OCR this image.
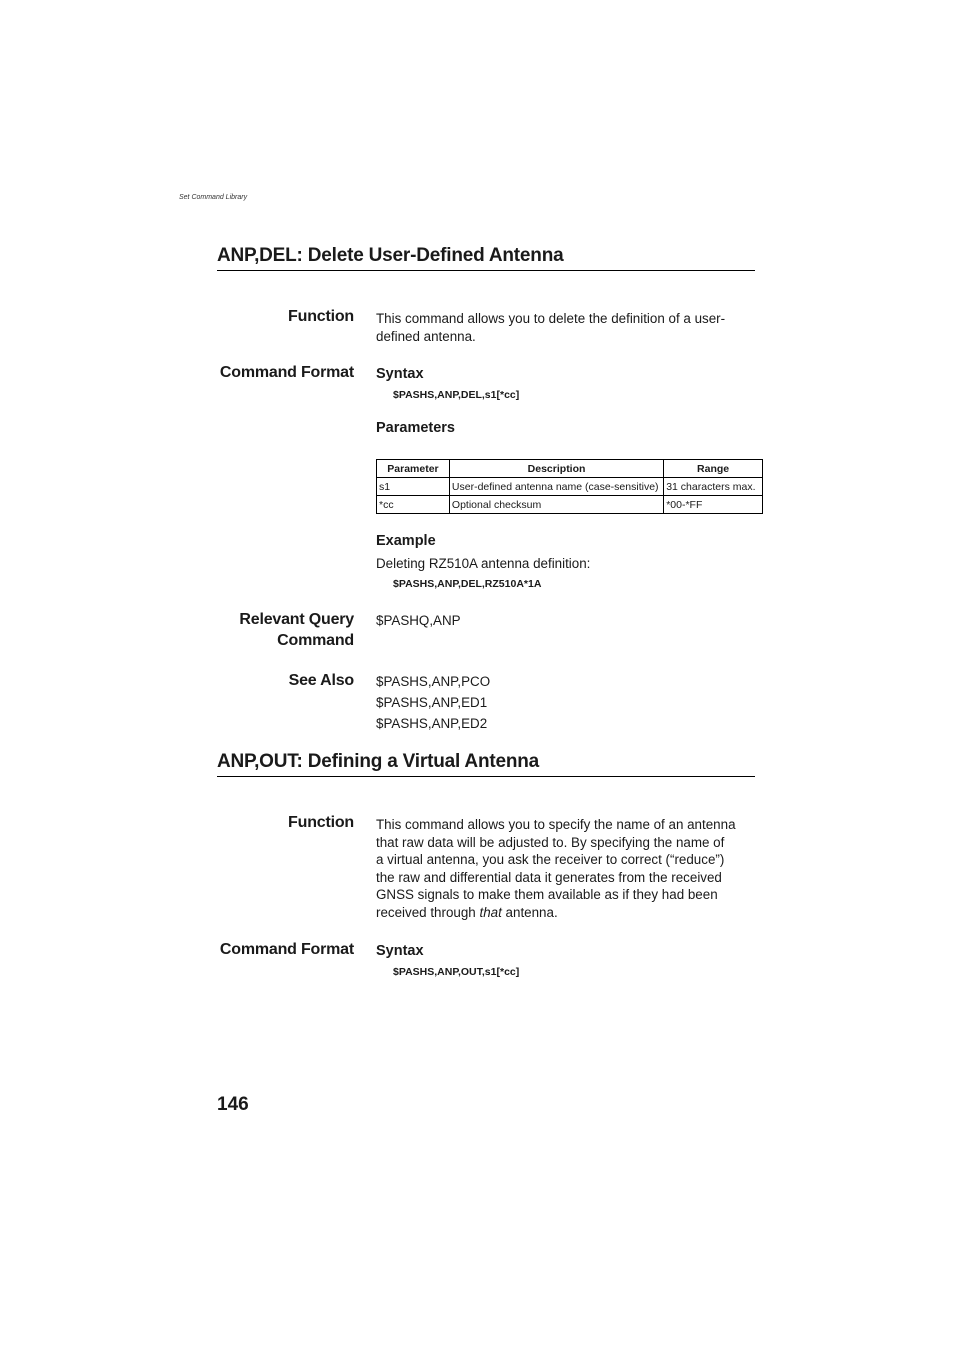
Set Command Library
ANP,DEL: Delete User-Defined Antenna
Function This command allows you to delete the definition of a user-defined antenna.
Command Format Syntax
$PASHS,ANP,DEL,s1[*cc]
Parameters
Parameter	Description	Range
s1	User-defined antenna name (case-sensitive)	31 characters max.
*cc	Optional checksum	*00-*FF
Example
Deleting RZ510A antenna definition:
$PASHS,ANP,DEL,RZ510A*1A
Relevant Query
Command
$PASHQ,ANP
See Also $PASHS,ANP,PCO
$PASHS,ANP,ED1
$PASHS,ANP,ED2
ANP,OUT: Defining a Virtual Antenna
Function This command allows you to specify the name of an antenna
that raw data will be adjusted to. By specifying the name of
a virtual antenna, you ask the receiver to correct (“reduce”)
the raw and differential data it generates from the received
GNSS signals to make them available as if they had been
received through that antenna.
Command Format Syntax
$PASHS,ANP,OUT,s1[*cc]
146
